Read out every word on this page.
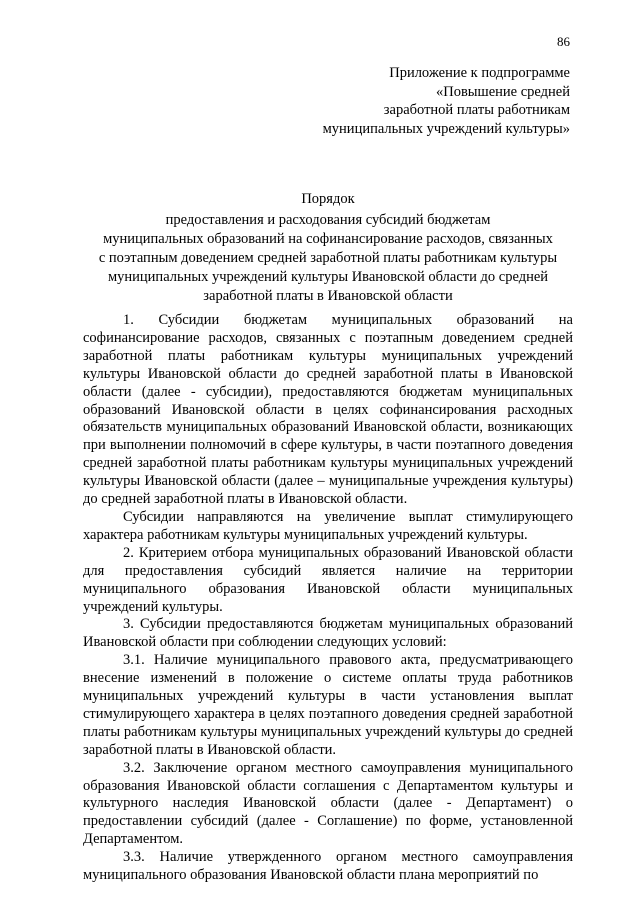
86
Приложение к подпрограмме
«Повышение средней
заработной платы работникам
муниципальных учреждений культуры»
Порядок
предоставления и расходования субсидий бюджетам
муниципальных образований на софинансирование расходов, связанных
с поэтапным доведением средней заработной платы работникам культуры
муниципальных учреждений культуры Ивановской области до средней
заработной платы в Ивановской области

1. Субсидии бюджетам муниципальных образований на софинансирование расходов, связанных с поэтапным доведением средней заработной платы работникам культуры муниципальных учреждений культуры Ивановской области до средней заработной платы в Ивановской области (далее - субсидии), предоставляются бюджетам муниципальных образований Ивановской области в целях софинансирования расходных обязательств муниципальных образований Ивановской области, возникающих при выполнении полномочий в сфере культуры, в части поэтапного доведения средней заработной платы работникам культуры муниципальных учреждений культуры Ивановской области (далее – муниципальные учреждения культуры) до средней заработной платы в Ивановской области.

Субсидии направляются на увеличение выплат стимулирующего характера работникам культуры муниципальных учреждений культуры.

2. Критерием отбора муниципальных образований Ивановской области для предоставления субсидий является наличие на территории муниципального образования Ивановской области муниципальных учреждений культуры.

3. Субсидии предоставляются бюджетам муниципальных образований Ивановской области при соблюдении следующих условий:

3.1. Наличие муниципального правового акта, предусматривающего внесение изменений в положение о системе оплаты труда работников муниципальных учреждений культуры в части установления выплат стимулирующего характера в целях поэтапного доведения средней заработной платы работникам культуры муниципальных учреждений культуры до средней заработной платы в Ивановской области.

3.2. Заключение органом местного самоуправления муниципального образования Ивановской области соглашения с Департаментом культуры и культурного наследия Ивановской области (далее - Департамент) о предоставлении субсидий (далее - Соглашение) по форме, установленной Департаментом.

3.3. Наличие утвержденного органом местного самоуправления муниципального образования Ивановской области плана мероприятий по
